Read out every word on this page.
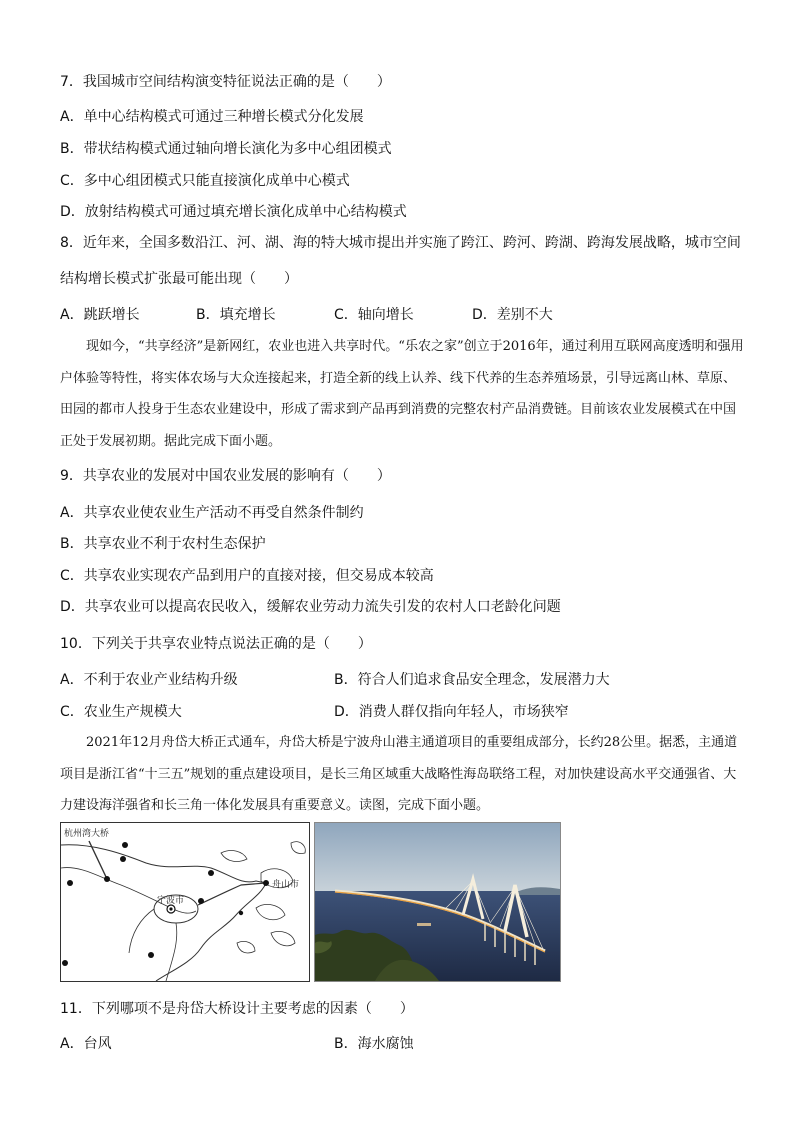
7．我国城市空间结构演变特征说法正确的是（　　）
A．单中心结构模式可通过三种增长模式分化发展
B．带状结构模式通过轴向增长演化为多中心组团模式
C．多中心组团模式只能直接演化成单中心模式
D．放射结构模式可通过填充增长演化成单中心结构模式
8．近年来，全国多数沿江、河、湖、海的特大城市提出并实施了跨江、跨河、跨湖、跨海发展战略，城市空间
结构增长模式扩张最可能出现（　　）
A．跳跃增长	B．填充增长	C．轴向增长	D．差别不大
现如今，“共享经济”是新网红，农业也进入共享时代。“乐农之家”创立于2016年，通过利用互联网高度透明和强用户体验等特性，将实体农场与大众连接起来，打造全新的线上认养、线下代养的生态养殖场景，引导远离山林、草原、田园的都市人投身于生态农业建设中，形成了需求到产品再到消费的完整农村产品消费链。目前该农业发展模式在中国正处于发展初期。据此完成下面小题。
9．共享农业的发展对中国农业发展的影响有（　　）
A．共享农业使农业生产活动不再受自然条件制约
B．共享农业不利于农村生态保护
C．共享农业实现农产品到用户的直接对接，但交易成本较高
D．共享农业可以提高农民收入，缓解农业劳动力流失引发的农村人口老龄化问题
10．下列关于共享农业特点说法正确的是（　　）
A．不利于农业产业结构升级	B．符合人们追求食品安全理念，发展潜力大
C．农业生产规模大	D．消费人群仅指向年轻人，市场狭窄
2021年12月舟岱大桥正式通车，舟岱大桥是宁波舟山港主通道项目的重要组成部分，长约28公里。据悉，主通道项目是浙江省“十三五”规划的重点建设项目，是长三角区域重大战略性海岛联络工程，对加快建设高水平交通强省、大力建设海洋强省和长三角一体化发展具有重要意义。读图，完成下面小题。
杭州湾大桥
宁波市
舟山市
11．下列哪项不是舟岱大桥设计主要考虑的因素（　　）
A．台风	B．海水腐蚀
